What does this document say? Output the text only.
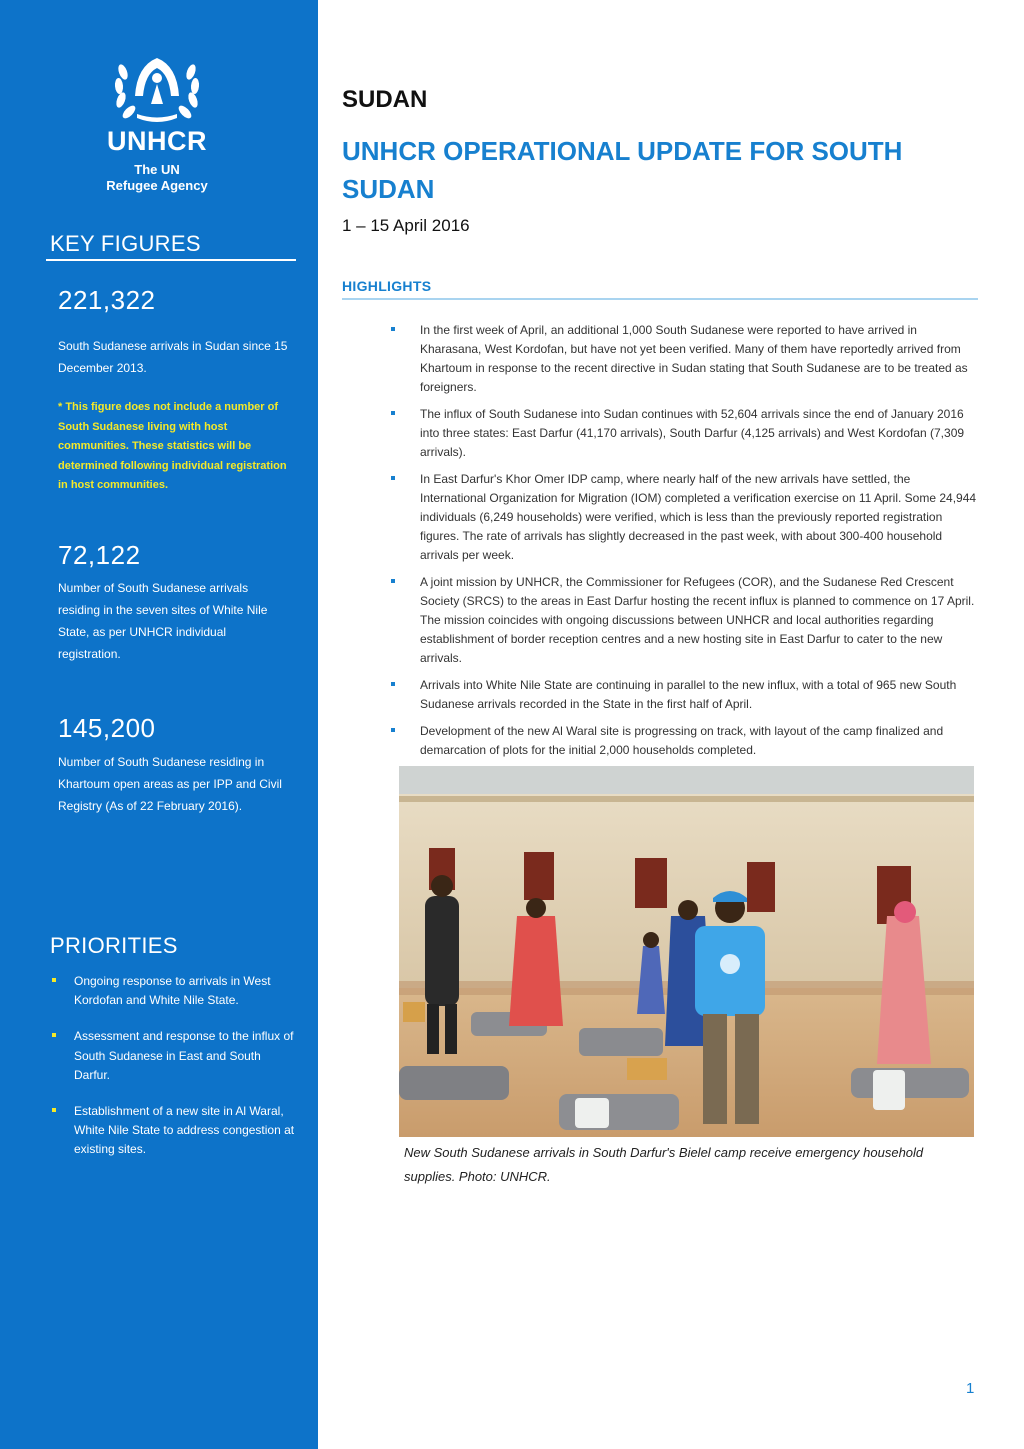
UNHCR
The UN
Refugee Agency
KEY FIGURES
221,322
South Sudanese arrivals in Sudan since 15 December 2013.
* This figure does not include a number of South Sudanese living with host communities. These statistics will be determined following individual registration in host communities.
72,122
Number of South Sudanese arrivals residing in the seven sites of White Nile State, as per UNHCR individual registration.
145,200
Number of South Sudanese residing in Khartoum open areas as per IPP and Civil Registry (As of 22 February 2016).
PRIORITIES
Ongoing response to arrivals in West Kordofan and White Nile State.
Assessment and response to the influx of South Sudanese in East and South Darfur.
Establishment of a new site in Al Waral, White Nile State to address congestion at existing sites.
SUDAN
UNHCR OPERATIONAL UPDATE FOR SOUTH SUDAN
1 – 15 April 2016
HIGHLIGHTS
In the first week of April, an additional 1,000 South Sudanese were reported to have arrived in Kharasana, West Kordofan, but have not yet been verified. Many of them have reportedly arrived from Khartoum in response to the recent directive in Sudan stating that South Sudanese are to be treated as foreigners.
The influx of South Sudanese into Sudan continues with 52,604 arrivals since the end of January 2016 into three states: East Darfur (41,170 arrivals), South Darfur (4,125 arrivals) and West Kordofan (7,309 arrivals).
In East Darfur's Khor Omer IDP camp, where nearly half of the new arrivals have settled, the International Organization for Migration (IOM) completed a verification exercise on 11 April. Some 24,944 individuals (6,249 households) were verified, which is less than the previously reported registration figures. The rate of arrivals has slightly decreased in the past week, with about 300-400 household arrivals per week.
A joint mission by UNHCR, the Commissioner for Refugees (COR), and the Sudanese Red Crescent Society (SRCS) to the areas in East Darfur hosting the recent influx is planned to commence on 17 April. The mission coincides with ongoing discussions between UNHCR and local authorities regarding establishment of border reception centres and a new hosting site in East Darfur to cater to the new arrivals.
Arrivals into White Nile State are continuing in parallel to the new influx, with a total of 965 new South Sudanese arrivals recorded in the State in the first half of April.
Development of the new Al Waral site is progressing on track, with layout of the camp finalized and demarcation of plots for the initial 2,000 households completed.
New South Sudanese arrivals in South Darfur's Bielel camp receive emergency household supplies. Photo: UNHCR.
1
